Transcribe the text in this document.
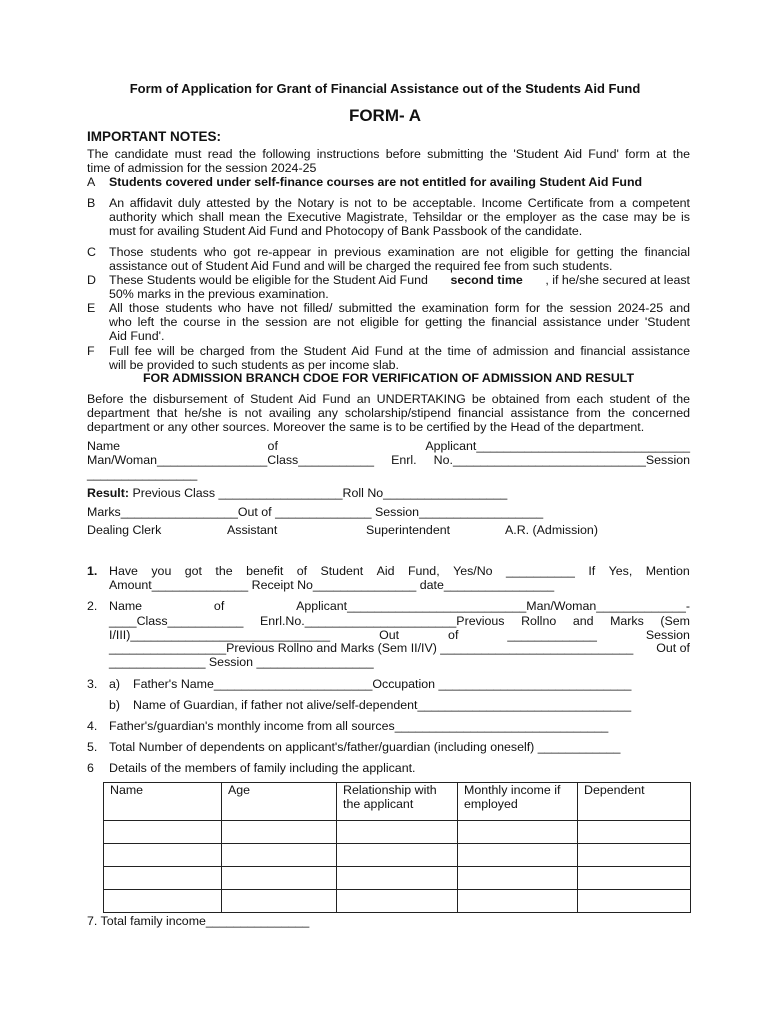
Form of Application for Grant of Financial Assistance out of the Students Aid Fund
FORM- A
IMPORTANT NOTES:
The candidate must read the following instructions before submitting the 'Student Aid Fund' form at the
time of admission for the session 2024-25
A Students covered under self-finance courses are not entitled for availing Student Aid Fund
B An affidavit duly attested by the Notary is not to be acceptable. Income Certificate from a competent
authority which shall mean the Executive Magistrate, Tehsildar or the employer as the case may be is
must for availing Student Aid Fund and Photocopy of Bank Passbook of the candidate.
C Those students who got re-appear in previous examination are not eligible for getting the financial
assistance out of Student Aid Fund and will be charged the required fee from such students.
D These Students would be eligible for the Student Aid Fund second time , if he/she secured at least
50% marks in the previous examination.
E All those students who have not filled/ submitted the examination form for the session 2024-25 and
who left the course in the session are not eligible for getting the financial assistance under 'Student
Aid Fund'.
F Full fee will be charged from the Student Aid Fund at the time of admission and financial assistance
will be provided to such students as per income slab.
FOR ADMISSION BRANCH CDOE FOR VERIFICATION OF ADMISSION AND RESULT
Before the disbursement of Student Aid Fund an UNDERTAKING be obtained from each student of the
department that he/she is not availing any scholarship/stipend financial assistance from the concerned
department or any other sources. Moreover the same is to be certified by the Head of the department.
Name	of	Applicant_______________________________
Man/Woman________________Class___________ Enrl. No.____________________________Session
________________
Result: Previous Class __________________Roll No__________________
Marks_________________Out of ______________ Session__________________
Dealing Clerk	Assistant	Superintendent	A.R. (Admission)
1. Have you got the benefit of Student Aid Fund, Yes/No __________ If Yes, Mention
Amount______________ Receipt No_______________ date________________
2. Name	of	Applicant__________________________Man/Woman_____________-
____Class___________ Enrl.No.______________________Previous Rollno and Marks (Sem
I/III)_____________________________	Out	of	_____________	Session
_________________Previous Rollno and Marks (Sem II/IV) ____________________________ Out of
______________ Session _________________
3. a) Father's Name_______________________Occupation ____________________________
b) Name of Guardian, if father not alive/self-dependent_______________________________
4. Father's/guardian's monthly income from all sources_______________________________
5. Total Number of dependents on applicant's/father/guardian (including oneself) ____________
6 Details of the members of family including the applicant.
Name	Age	Relationship with the applicant	Monthly income if employed	Dependent

7. Total family income_______________
